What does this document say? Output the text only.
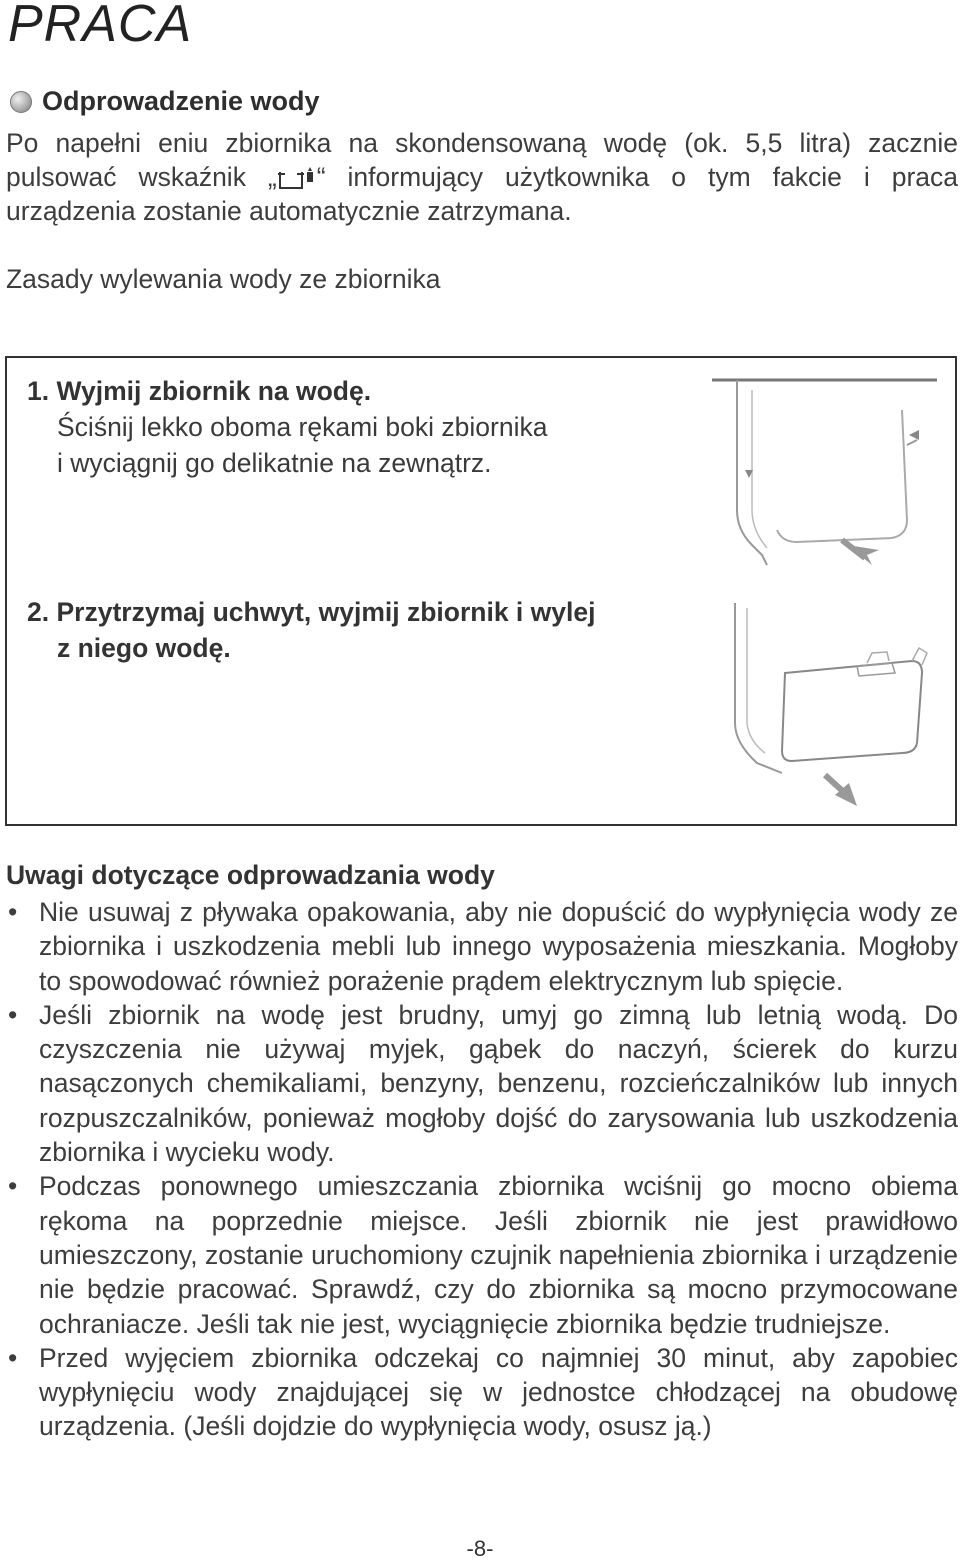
PRACA
Odprowadzenie wody
Po napełni eniu zbiornika na skondensowaną wodę (ok. 5,5 litra) zacznie pulsować wskaźnik „ “ informujący użytkownika o tym fakcie i praca urządzenia zostanie automatycznie zatrzymana.
Zasady wylewania wody ze zbiornika
1. Wyjmij zbiornik na wodę.
Ściśnij lekko oboma rękami boki zbiornika
i wyciągnij go delikatnie na zewnątrz.
2. Przytrzymaj uchwyt, wyjmij zbiornik i wylej
z niego wodę.
Uwagi dotyczące odprowadzania wody
• Nie usuwaj z pływaka opakowania, aby nie dopuścić do wypłynięcia wody ze zbiornika i uszkodzenia mebli lub innego wyposażenia mieszkania. Mogłoby to spowodować również porażenie prądem elektrycznym lub spięcie.
• Jeśli zbiornik na wodę jest brudny, umyj go zimną lub letnią wodą. Do czyszczenia nie używaj myjek, gąbek do naczyń, ścierek do kurzu nasączonych chemikaliami, benzyny, benzenu, rozcieńczalników lub innych rozpuszczalników, ponieważ mogłoby dojść do zarysowania lub uszkodzenia zbiornika i wycieku wody.
• Podczas ponownego umieszczania zbiornika wciśnij go mocno obiema rękoma na poprzednie miejsce. Jeśli zbiornik nie jest prawidłowo umieszczony, zostanie uruchomiony czujnik napełnienia zbiornika i urządzenie nie będzie pracować. Sprawdź, czy do zbiornika są mocno przymocowane ochraniacze. Jeśli tak nie jest, wyciągnięcie zbiornika będzie trudniejsze.
• Przed wyjęciem zbiornika odczekaj co najmniej 30 minut, aby zapobiec wypłynięciu wody znajdującej się w jednostce chłodzącej na obudowę urządzenia. (Jeśli dojdzie do wypłynięcia wody, osusz ją.)
-8-
